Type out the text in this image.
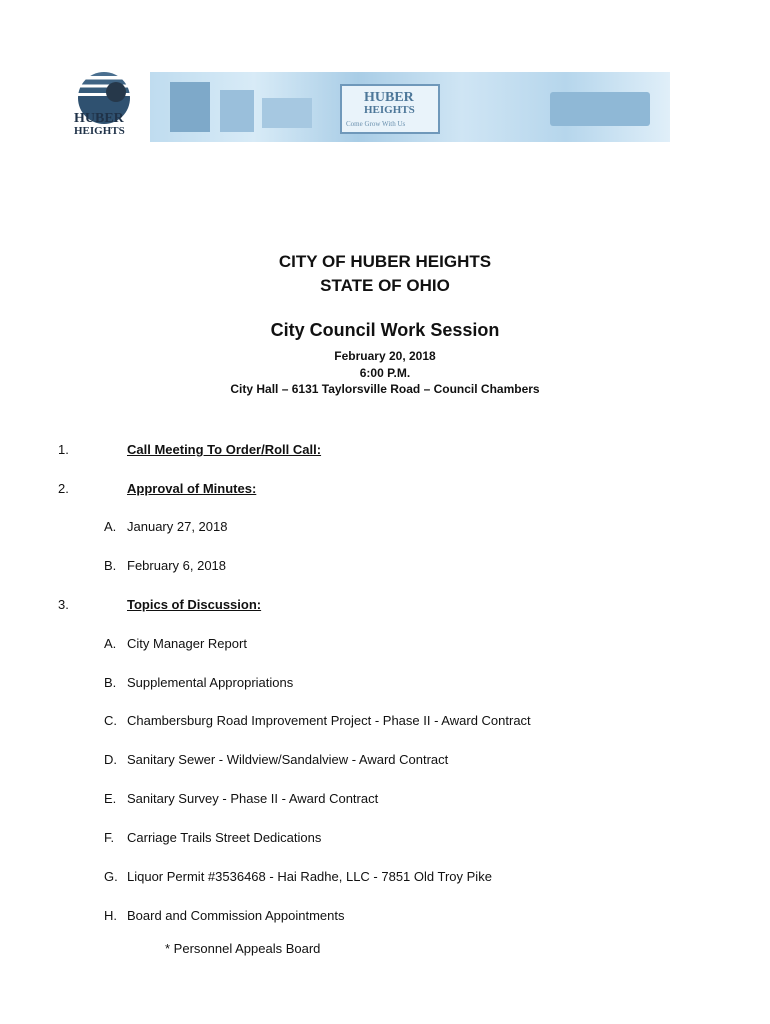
HUBER
HEIGHTS
HUBER
HEIGHTS
Come Grow With Us
CITY OF HUBER HEIGHTS
STATE OF OHIO
City Council Work Session
February 20, 2018
6:00 P.M.
City Hall – 6131 Taylorsville Road – Council Chambers
1.	Call Meeting To Order/Roll Call:
2.	Approval of Minutes:
A. January 27, 2018
B. February 6, 2018
3.	Topics of Discussion:
A. City Manager Report
B. Supplemental Appropriations
C. Chambersburg Road Improvement Project - Phase II - Award Contract
D. Sanitary Sewer - Wildview/Sandalview - Award Contract
E. Sanitary Survey - Phase II - Award Contract
F. Carriage Trails Street Dedications
G. Liquor Permit #3536468 - Hai Radhe, LLC - 7851 Old Troy Pike
H. Board and Commission Appointments
* Personnel Appeals Board
